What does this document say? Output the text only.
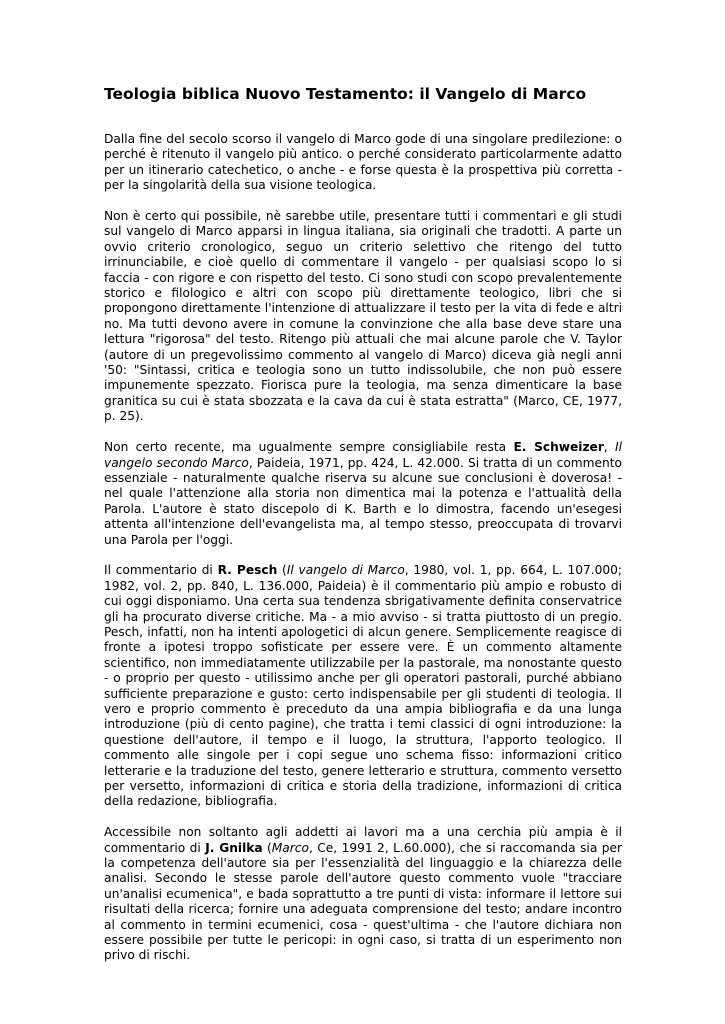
Teologia biblica Nuovo Testamento: il Vangelo di Marco

Dalla fine del secolo scorso il vangelo di Marco gode di una singolare predilezione: o perché è ritenuto il vangelo più antico. o perché considerato particolarmente adatto per un itinerario catechetico, o anche - e forse questa è la prospettiva più corretta - per la singolarità della sua visione teologica.

Non è certo qui possibile, nè sarebbe utile, presentare tutti i commentari e gli studi sul vangelo di Marco apparsi in lingua italiana, sia originali che tradotti. A parte un ovvio criterio cronologico, seguo un criterio selettivo che ritengo del tutto irrinunciabile, e cioè quello di commentare il vangelo - per qualsiasi scopo lo si faccia - con rigore e con rispetto del testo. Ci sono studi con scopo prevalentemente storico e filologico e altri con scopo più direttamente teologico, libri che si propongono direttamente l'intenzione di attualizzare il testo per la vita di fede e altri no. Ma tutti devono avere in comune la convinzione che alla base deve stare una lettura "rigorosa" del testo. Ritengo più attuali che mai alcune parole che V. Taylor (autore di un pregevolissimo commento al vangelo di Marco) diceva già negli anni '50: "Sintassi, critica e teologia sono un tutto indissolubile, che non può essere impunemente spezzato. Fiorisca pure la teologia, ma senza dimenticare la base granitica su cui è stata sbozzata e la cava da cui è stata estratta" (Marco, CE, 1977, p. 25).

Non certo recente, ma ugualmente sempre consigliabile resta E. Schweizer, Il vangelo secondo Marco, Paideia, 1971, pp. 424, L. 42.000. Si tratta di un commento essenziale - naturalmente qualche riserva su alcune sue conclusioni è doverosa! - nel quale l'attenzione alla storia non dimentica mai la potenza e l'attualità della Parola. L'autore è stato discepolo di K. Barth e lo dimostra, facendo un'esegesi attenta all'intenzione dell'evangelista ma, al tempo stesso, preoccupata di trovarvi una Parola per l'oggi.

Il commentario di R. Pesch (Il vangelo di Marco, 1980, vol. 1, pp. 664, L. 107.000; 1982, vol. 2, pp. 840, L. 136.000, Paideia) è il commentario più ampio e robusto di cui oggi disponiamo. Una certa sua tendenza sbrigativamente definita conservatrice gli ha procurato diverse critiche. Ma - a mio avviso - si tratta piuttosto di un pregio. Pesch, infatti, non ha intenti apologetici di alcun genere. Semplicemente reagisce di fronte a ipotesi troppo sofisticate per essere vere. È un commento altamente scientifico, non immediatamente utilizzabile per la pastorale, ma nonostante questo - o proprio per questo - utilissimo anche per gli operatori pastorali, purché abbiano sufficiente preparazione e gusto: certo indispensabile per gli studenti di teologia. Il vero e proprio commento è preceduto da una ampia bibliografia e da una lunga introduzione (più di cento pagine), che tratta i temi classici di ogni introduzione: la questione dell'autore, il tempo e il luogo, la struttura, l'apporto teologico. Il commento alle singole per i copi segue uno schema fisso: informazioni critico letterarie e la traduzione del testo, genere letterario e struttura, commento versetto per versetto, informazioni di critica e storia della tradizione, informazioni di critica della redazione, bibliografia.

Accessibile non soltanto agli addetti ai lavori ma a una cerchia più ampia è il commentario di J. Gnilka (Marco, Ce, 1991 2, L.60.000), che si raccomanda sia per la competenza dell'autore sia per l'essenzialità del linguaggio e la chiarezza delle analisi. Secondo le stesse parole dell'autore questo commento vuole "tracciare un'analisi ecumenica", e bada soprattutto a tre punti di vista: informare il lettore sui risultati della ricerca; fornire una adeguata comprensione del testo; andare incontro al commento in termini ecumenici, cosa - quest'ultima - che l'autore dichiara non essere possibile per tutte le pericopi: in ogni caso, si tratta di un esperimento non privo di rischi.
